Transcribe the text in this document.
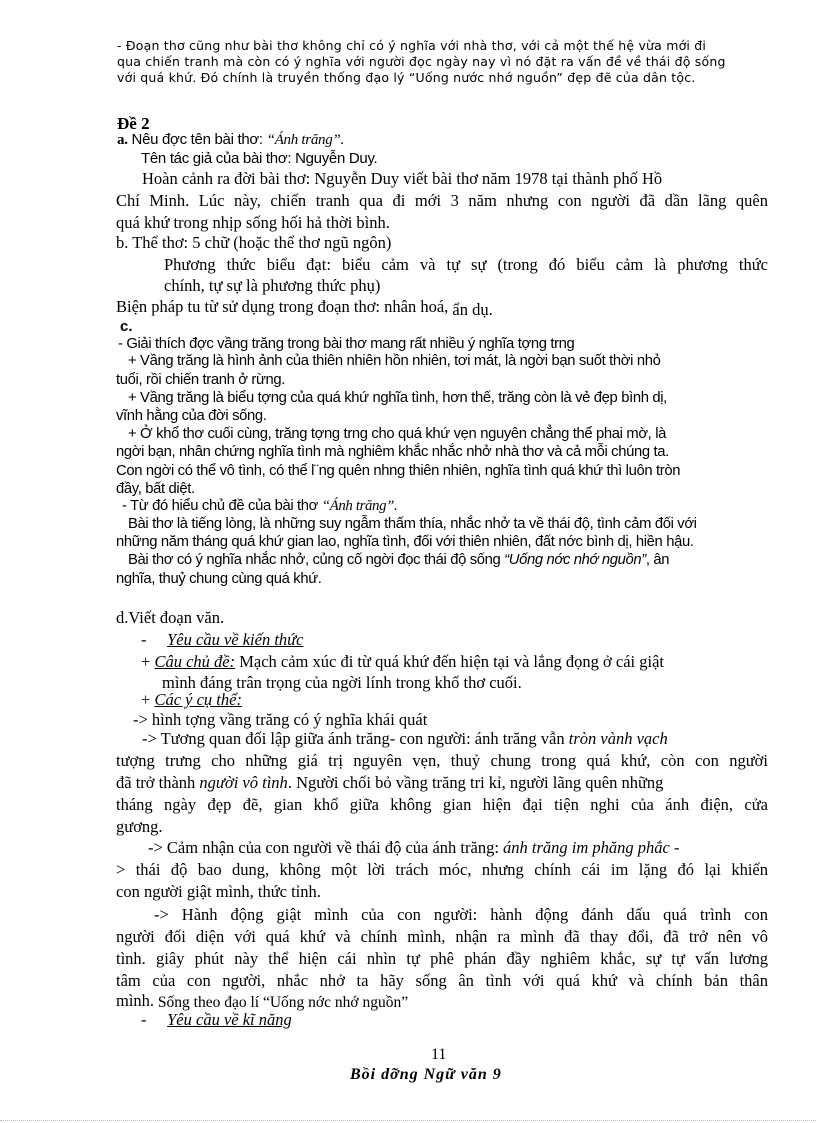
- Đoạn thơ cũng như bài thơ không chỉ có ý nghĩa với nhà thơ, với cả một thế hệ vừa mới đi

qua chiến tranh mà còn có ý nghĩa với người đọc ngày nay vì nó đặt ra vấn đề về thái độ sống

với quá khứ. Đó chính là truyền thống đạo lý “Uống nước nhớ nguồn” đẹp đẽ của dân tộc.

Đề 2

a. Nêu đợc tên bài thơ: “Ánh trăng”.

Tên tác giả của bài thơ: Nguyễn Duy.

Hoàn cảnh ra đời bài thơ: Nguyễn Duy viết bài thơ năm 1978 tại thành phố Hồ

Chí Minh. Lúc này, chiến tranh qua đi mới 3 năm nhưng con người đã dần lãng quên

quá khứ trong nhịp sống hối hả thời bình.

b. Thể thơ: 5 chữ (hoặc thể thơ ngũ ngôn)

Phương thức biểu đạt: biểu cảm và tự sự (trong đó biểu cảm là phương thức

chính, tự sự là phương thức phụ)

Biện pháp tu từ sử dụng trong đoạn thơ: nhân hoá, ẩn dụ.

c.

- Giải thích đợc vầng trăng trong bài thơ mang rất nhiều ý nghĩa tợng trng

+ Vầng trăng là hình ảnh của thiên nhiên hồn nhiên, tơi mát, là ngời bạn suốt thời nhỏ

tuổi, rồi chiến tranh ở rừng.

+ Vầng trăng là biểu tợng của quá khứ nghĩa tình, hơn thế, trăng còn là vẻ đẹp bình dị,

vĩnh hằng của đời sống.

+ Ở khổ thơ cuối cùng, trăng tợng trng cho quá khứ vẹn nguyên chẳng thể phai mờ, là

ngời bạn, nhân chứng nghĩa tình mà nghiêm khắc nhắc nhở nhà thơ và cả mỗi chúng ta.

Con ngời có thể vô tình, có thể l¨ng quên nhng thiên nhiên, nghĩa tình quá khứ thì luôn tròn

đầy, bất diệt.

- Từ đó hiểu chủ đề của bài thơ “Ánh trăng”.

Bài thơ là tiếng lòng, là những suy ngẫm thấm thía, nhắc nhở ta về thái độ, tình cảm đối với

những năm tháng quá khứ gian lao, nghĩa tình, đối với thiên nhiên, đất nớc bình dị, hiền hậu.

Bài thơ có ý nghĩa nhắc nhở, củng cố ngời đọc thái độ sống “Uống nớc nhớ nguồn”, ân

nghĩa, thuỷ chung cùng quá khứ.

d.Viết đoạn văn.

-     Yêu cầu về kiến thức

+ Câu chủ đề: Mạch cảm xúc đi từ quá khứ đến hiện tại và lắng đọng ở cái giật

mình đáng trân trọng của ngời lính trong khổ thơ cuối.

+ Các ý cụ thể:

-> hình tợng vầng trăng có ý nghĩa khái quát

-> Tương quan đối lập giữa ánh trăng- con người: ánh trăng vẫn tròn vành vạch

tượng trưng cho những giá trị nguyên vẹn, thuỷ chung trong quá khứ, còn con người

đã trở thành người vô tình. Người chối bỏ vầng trăng tri kỉ, người lãng quên những

tháng ngày đẹp đẽ, gian khổ giữa không gian hiện đại tiện nghi của ánh điện, cửa

gương.

-> Cảm nhận của con người về thái độ của ánh trăng: ánh trăng im phăng phắc -

> thái độ bao dung, không một lời trách móc, nhưng chính cái im lặng đó lại khiến

con người giật mình, thức tỉnh.

-> Hành động giật mình của con người: hành động đánh dấu quá trình con

người đối diện với quá khứ và chính mình, nhận ra mình đã thay đổi, đã trở nên vô

tình. giây phút này thể hiện cái nhìn tự phê phán đầy nghiêm khắc, sự tự vấn lương

tâm của con người, nhắc nhở ta hãy sống ân tình với quá khứ và chính bản thân

mình. Sống theo đạo lí “Uống nớc nhớ nguồn”

-     Yêu cầu về kĩ năng

11

Bồi dỡng Ngữ văn 9
